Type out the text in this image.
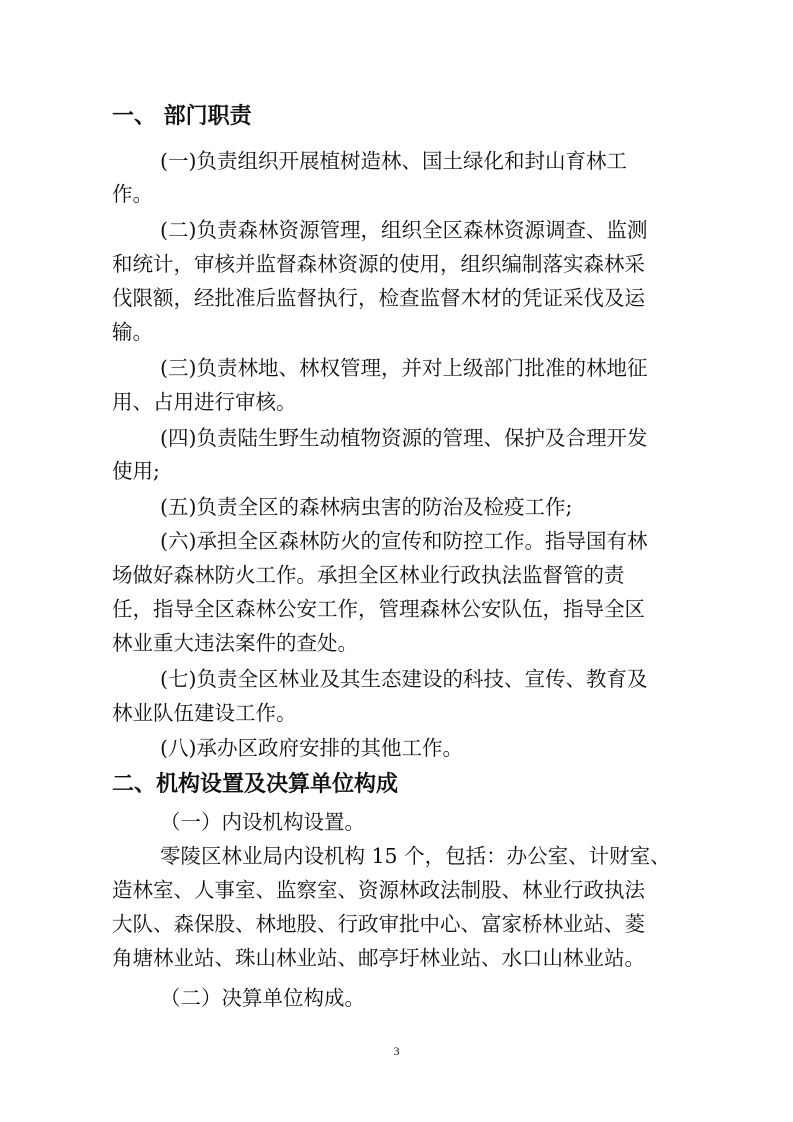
一、 部门职责
(一)负责组织开展植树造林、国土绿化和封山育林工
作。
(二)负责森林资源管理，组织全区森林资源调查、监测
和统计，审核并监督森林资源的使用，组织编制落实森林采
伐限额，经批准后监督执行，检查监督木材的凭证采伐及运
输。
(三)负责林地、林权管理，并对上级部门批准的林地征
用、占用进行审核。
(四)负责陆生野生动植物资源的管理、保护及合理开发
使用;
(五)负责全区的森林病虫害的防治及检疫工作;
(六)承担全区森林防火的宣传和防控工作。指导国有林
场做好森林防火工作。承担全区林业行政执法监督管的责
任，指导全区森林公安工作，管理森林公安队伍，指导全区
林业重大违法案件的查处。
(七)负责全区林业及其生态建设的科技、宣传、教育及
林业队伍建设工作。
(八)承办区政府安排的其他工作。
二、机构设置及决算单位构成
（一）内设机构设置。
零陵区林业局内设机构 15 个，包括：办公室、计财室、
造林室、人事室、监察室、资源林政法制股、林业行政执法
大队、森保股、林地股、行政审批中心、富家桥林业站、菱
角塘林业站、珠山林业站、邮亭圩林业站、水口山林业站。
（二）决算单位构成。
3
